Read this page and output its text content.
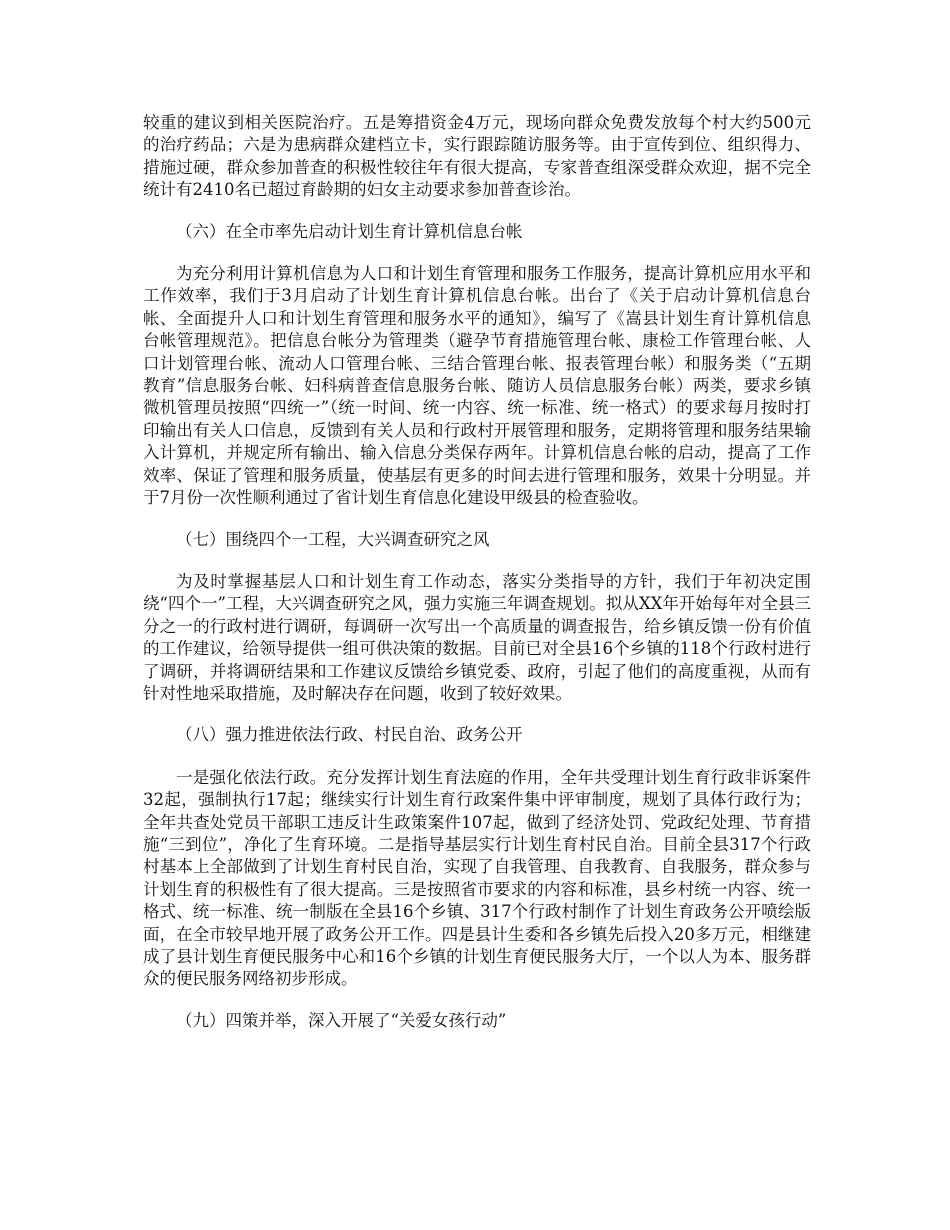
较重的建议到相关医院治疗。五是筹措资金4万元，现场向群众免费发放每个村大约500元的治疗药品；六是为患病群众建档立卡，实行跟踪随访服务等。由于宣传到位、组织得力、措施过硬，群众参加普查的积极性较往年有很大提高，专家普查组深受群众欢迎，据不完全统计有2410名已超过育龄期的妇女主动要求参加普查诊治。

（六）在全市率先启动计划生育计算机信息台帐

为充分利用计算机信息为人口和计划生育管理和服务工作服务，提高计算机应用水平和工作效率，我们于3月启动了计划生育计算机信息台帐。出台了《关于启动计算机信息台帐、全面提升人口和计划生育管理和服务水平的通知》，编写了《嵩县计划生育计算机信息台帐管理规范》。把信息台帐分为管理类（避孕节育措施管理台帐、康检工作管理台帐、人口计划管理台帐、流动人口管理台帐、三结合管理台帐、报表管理台帐）和服务类（“五期教育”信息服务台帐、妇科病普查信息服务台帐、随访人员信息服务台帐）两类，要求乡镇微机管理员按照“四统一”（统一时间、统一内容、统一标准、统一格式）的要求每月按时打印输出有关人口信息，反馈到有关人员和行政村开展管理和服务，定期将管理和服务结果输入计算机，并规定所有输出、输入信息分类保存两年。计算机信息台帐的启动，提高了工作效率、保证了管理和服务质量，使基层有更多的时间去进行管理和服务，效果十分明显。并于7月份一次性顺利通过了省计划生育信息化建设甲级县的检查验收。

（七）围绕四个一工程，大兴调查研究之风

为及时掌握基层人口和计划生育工作动态，落实分类指导的方针，我们于年初决定围绕“四个一”工程，大兴调查研究之风，强力实施三年调查规划。拟从XX年开始每年对全县三分之一的行政村进行调研，每调研一次写出一个高质量的调查报告，给乡镇反馈一份有价值的工作建议，给领导提供一组可供决策的数据。目前已对全县16个乡镇的118个行政村进行了调研，并将调研结果和工作建议反馈给乡镇党委、政府，引起了他们的高度重视，从而有针对性地采取措施，及时解决存在问题，收到了较好效果。

（八）强力推进依法行政、村民自治、政务公开

一是强化依法行政。充分发挥计划生育法庭的作用，全年共受理计划生育行政非诉案件32起，强制执行17起；继续实行计划生育行政案件集中评审制度，规划了具体行政行为；全年共查处党员干部职工违反计生政策案件107起，做到了经济处罚、党政纪处理、节育措施“三到位”，净化了生育环境。二是指导基层实行计划生育村民自治。目前全县317个行政村基本上全部做到了计划生育村民自治，实现了自我管理、自我教育、自我服务，群众参与计划生育的积极性有了很大提高。三是按照省市要求的内容和标准，县乡村统一内容、统一格式、统一标准、统一制版在全县16个乡镇、317个行政村制作了计划生育政务公开喷绘版面，在全市较早地开展了政务公开工作。四是县计生委和各乡镇先后投入20多万元，相继建成了县计划生育便民服务中心和16个乡镇的计划生育便民服务大厅，一个以人为本、服务群众的便民服务网络初步形成。

（九）四策并举，深入开展了“关爱女孩行动”
